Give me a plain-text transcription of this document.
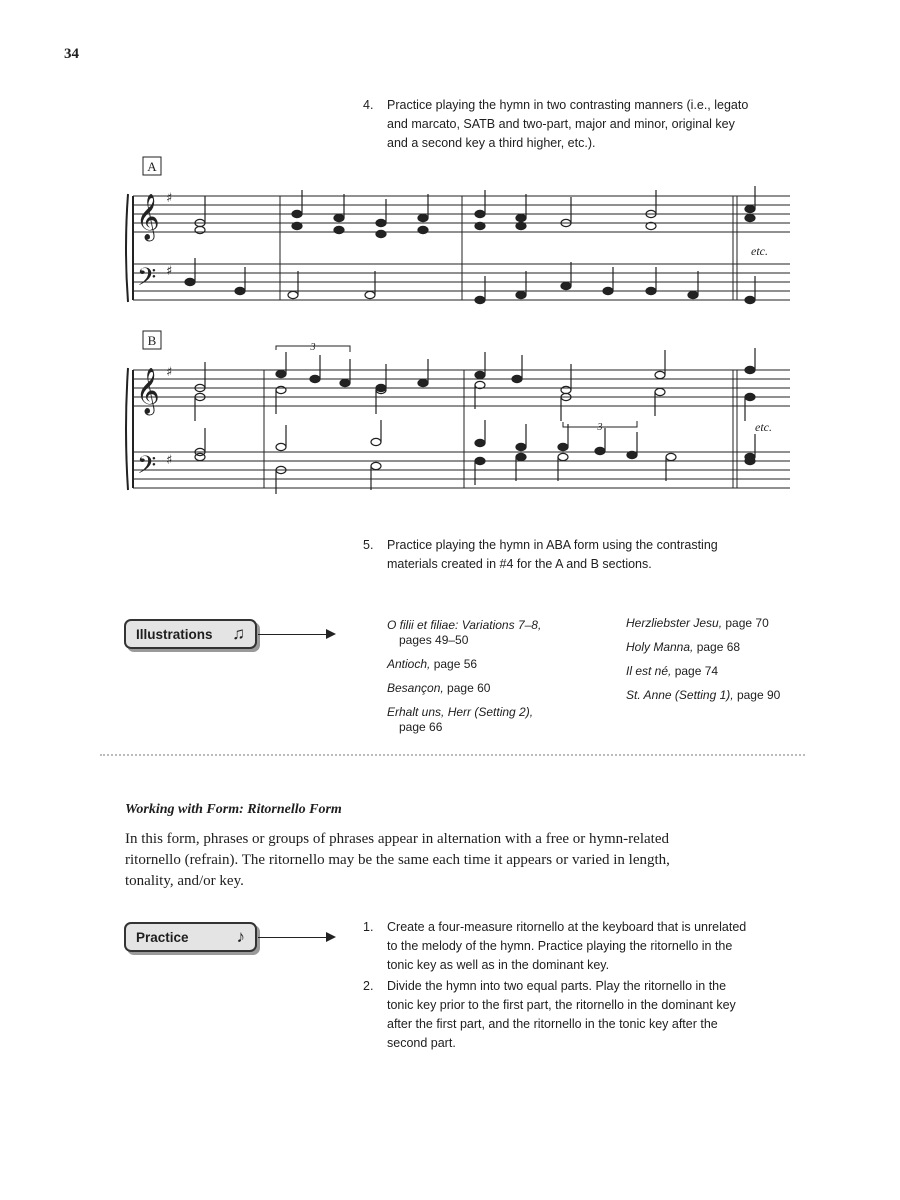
34
4. Practice playing the hymn in two contrasting manners (i.e., legato
and marcato, SATB and two-part, major and minor, original key
and a second key a third higher, etc.).
A
B
𝄞
𝄢
𝄞
𝄢
♯
♯
♯
♯
3
3
etc.
etc.
5. Practice playing the hymn in ABA form using the contrasting
materials created in #4 for the A and B sections.
Illustrations ♫	O filii et filiae: Variations 7–8,
pages 49–50
Antioch, page 56
Besançon, page 60
Erhalt uns, Herr (Setting 2),
page 66
Herzliebster Jesu, page 70
Holy Manna, page 68
Il est né, page 74
St. Anne (Setting 1), page 90
Working with Form: Ritornello Form
In this form, phrases or groups of phrases appear in alternation with a free or hymn-related
ritornello (refrain). The ritornello may be the same each time it appears or varied in length,
tonality, and/or key.
Practice	♪	1. Create a four-measure ritornello at the keyboard that is unrelated
to the melody of the hymn. Practice playing the ritornello in the
tonic key as well as in the dominant key.
2. Divide the hymn into two equal parts. Play the ritornello in the
tonic key prior to the first part, the ritornello in the dominant key
after the first part, and the ritornello in the tonic key after the
second part.
